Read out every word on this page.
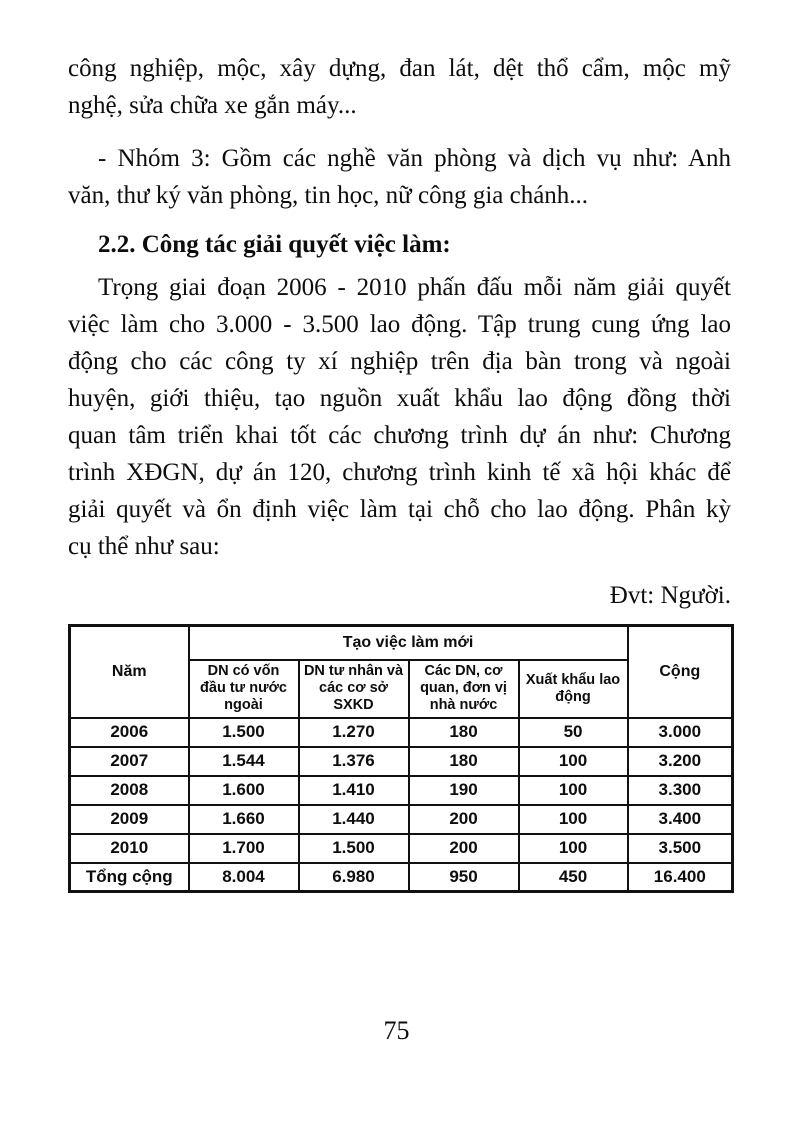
công nghiệp, mộc, xây dựng, đan lát, dệt thổ cẩm, mộc mỹ
nghệ, sửa chữa xe gắn máy...
- Nhóm 3: Gồm các nghề văn phòng và dịch vụ như: Anh
văn, thư ký văn phòng, tin học, nữ công gia chánh...
2.2. Công tác giải quyết việc làm:
Trọng giai đoạn 2006 - 2010 phấn đấu mỗi năm giải quyết
việc làm cho 3.000 - 3.500 lao động. Tập trung cung ứng lao
động cho các công ty xí nghiệp trên địa bàn trong và ngoài
huyện, giới thiệu, tạo nguồn xuất khẩu lao động đồng thời
quan tâm triển khai tốt các chương trình dự án như: Chương
trình XĐGN, dự án 120, chương trình kinh tế xã hội khác để
giải quyết và ổn định việc làm tại chỗ cho lao động. Phân kỳ
cụ thể như sau:
Đvt: Người.
Năm	Tạo việc làm mới				Cộng
	DN có vốn đầu tư nước ngoài	DN tư nhân và các cơ sở SXKD	Các DN, cơ quan, đơn vị nhà nước	Xuất khẩu lao động	
2006	1.500	1.270	180	50	3.000
2007	1.544	1.376	180	100	3.200
2008	1.600	1.410	190	100	3.300
2009	1.660	1.440	200	100	3.400
2010	1.700	1.500	200	100	3.500
Tổng cộng	8.004	6.980	950	450	16.400
75
